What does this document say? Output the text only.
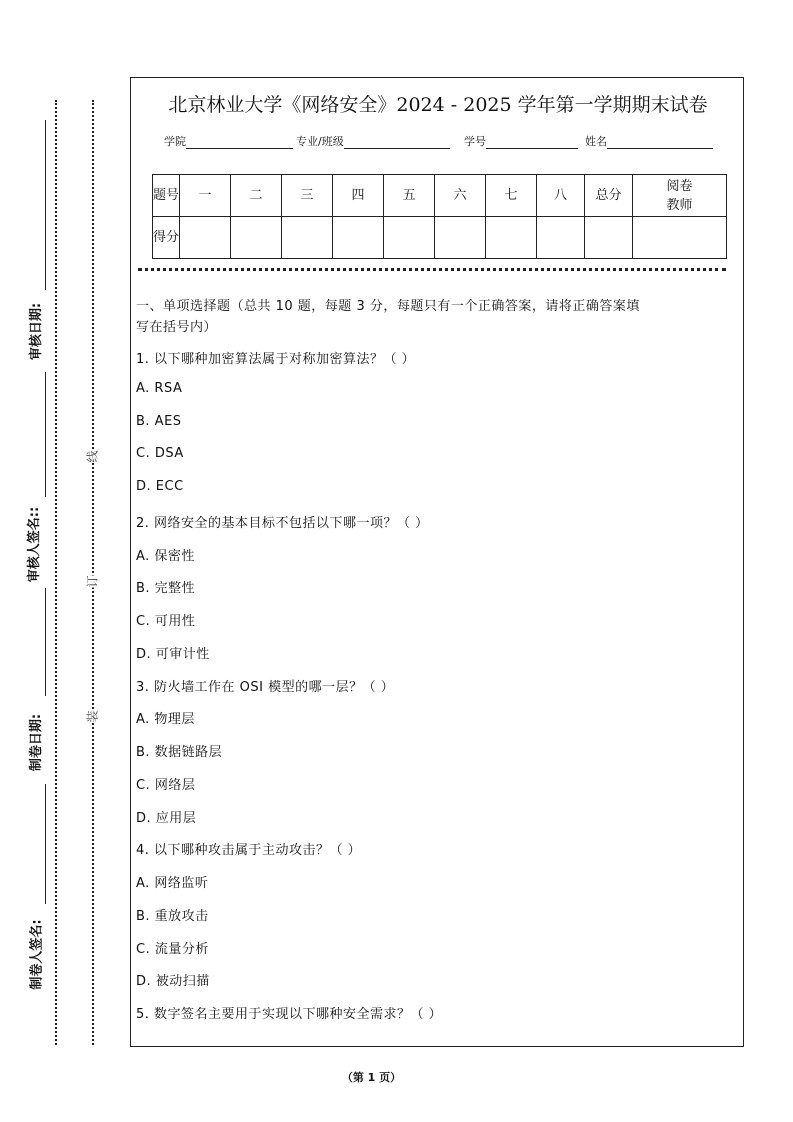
审核日期:
审核人签名::
制卷日期:
制卷人签名:
线
订
装
北京林业大学《网络安全》2024 - 2025 学年第一学期期末试卷
学院	专业/班级	学号	姓名
题号	一	二	三	四	五	六	七	八	总分	阅卷教师
得分										
一、单项选择题（总共 10 题，每题 3 分，每题只有一个正确答案，请将正确答案填
写在括号内）
1. 以下哪种加密算法属于对称加密算法？（ ）
A. RSA
B. AES
C. DSA
D. ECC
2. 网络安全的基本目标不包括以下哪一项？（ ）
A. 保密性
B. 完整性
C. 可用性
D. 可审计性
3. 防火墙工作在 OSI 模型的哪一层？（ ）
A. 物理层
B. 数据链路层
C. 网络层
D. 应用层
4. 以下哪种攻击属于主动攻击？（ ）
A. 网络监听
B. 重放攻击
C. 流量分析
D. 被动扫描
5. 数字签名主要用于实现以下哪种安全需求？（ ）
（第 1 页）
